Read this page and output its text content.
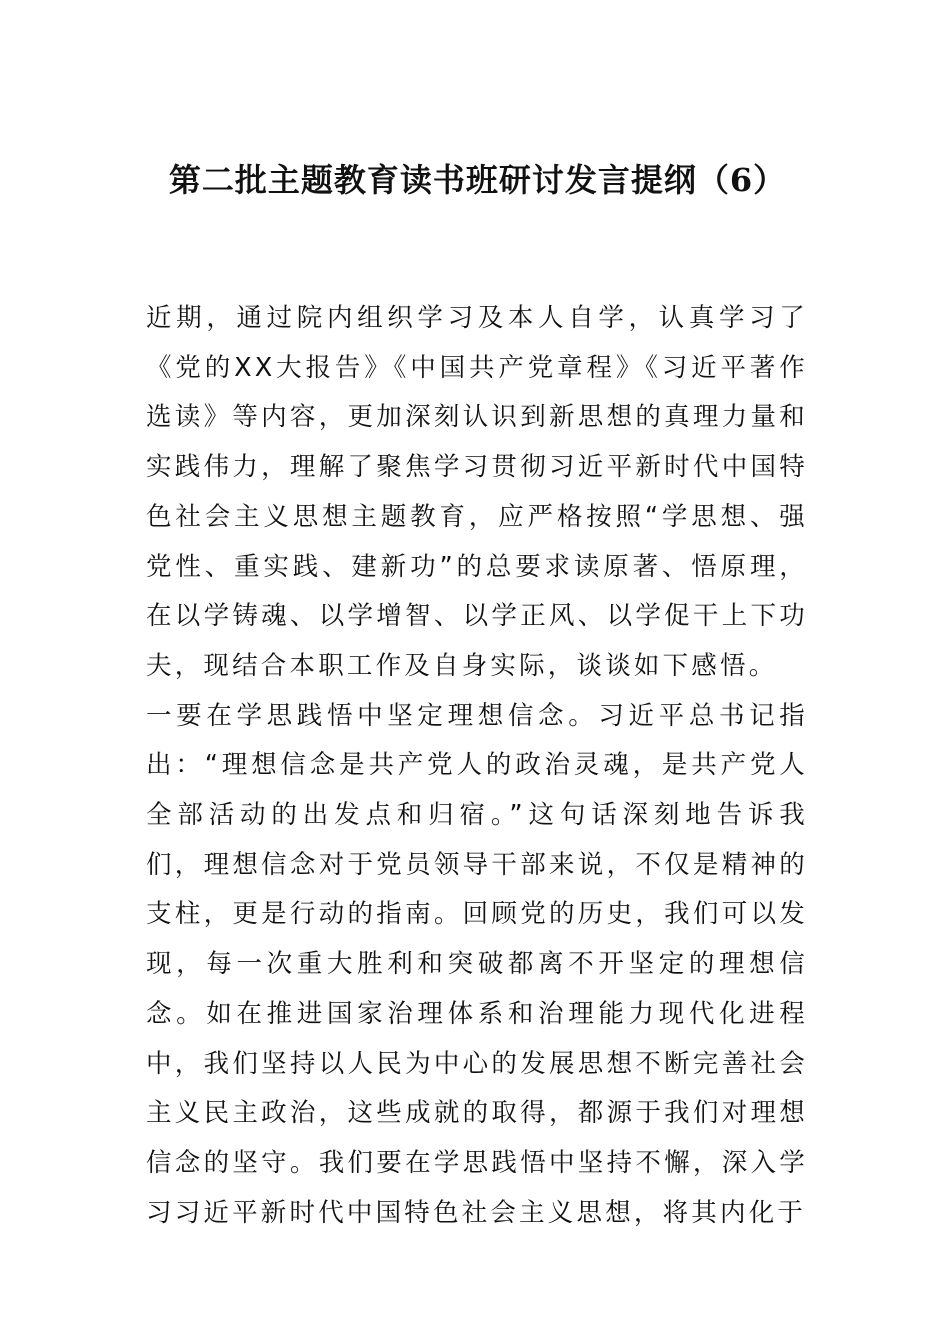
第二批主题教育读书班研讨发言提纲（6）

近期，通过院内组织学习及本人自学，认真学习了《党的XX大报告》《中国共产党章程》《习近平著作选读》等内容，更加深刻认识到新思想的真理力量和实践伟力，理解了聚焦学习贯彻习近平新时代中国特色社会主义思想主题教育，应严格按照“学思想、强党性、重实践、建新功”的总要求读原著、悟原理，在以学铸魂、以学增智、以学正风、以学促干上下功夫，现结合本职工作及自身实际，谈谈如下感悟。

一要在学思践悟中坚定理想信念。习近平总书记指出：“理想信念是共产党人的政治灵魂，是共产党人全部活动的出发点和归宿。”这句话深刻地告诉我们，理想信念对于党员领导干部来说，不仅是精神的支柱，更是行动的指南。回顾党的历史，我们可以发现，每一次重大胜利和突破都离不开坚定的理想信念。如在推进国家治理体系和治理能力现代化进程中，我们坚持以人民为中心的发展思想不断完善社会主义民主政治，这些成就的取得，都源于我们对理想信念的坚守。我们要在学思践悟中坚持不懈，深入学习习近平新时代中国特色社会主义思想，将其内化于
